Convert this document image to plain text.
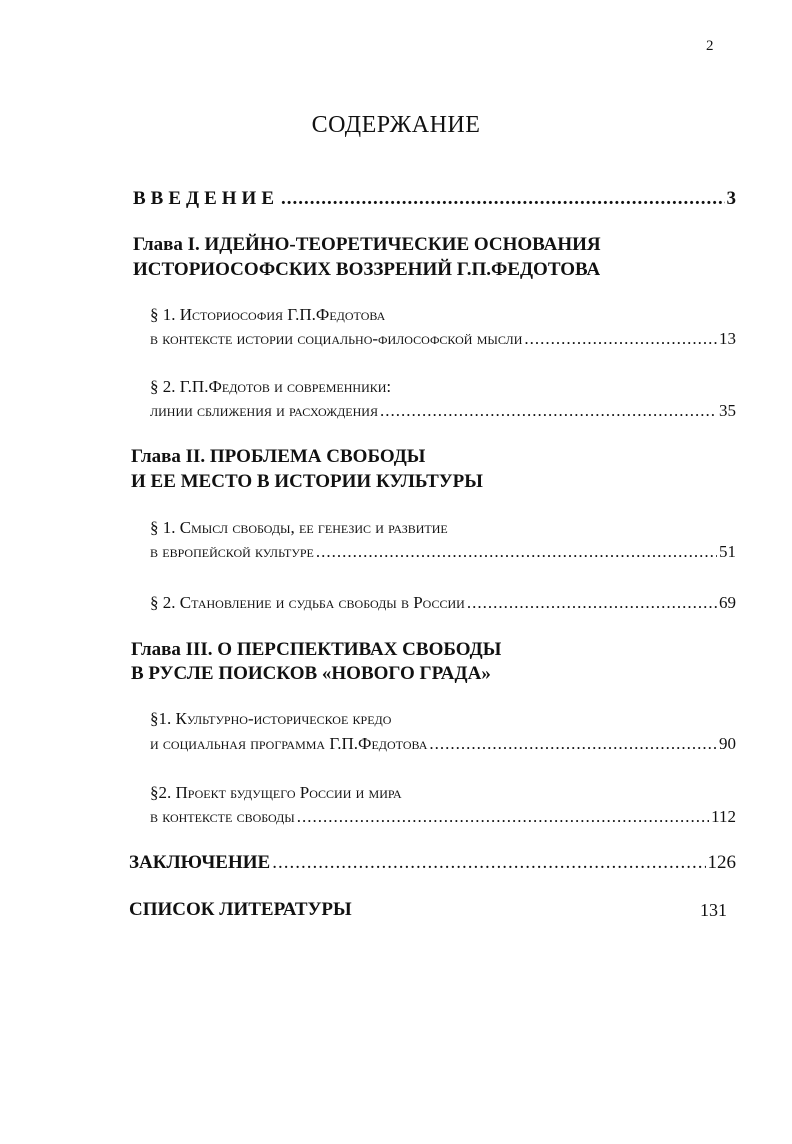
2
СОДЕРЖАНИЕ
ВВЕДЕНИЕ .....	3
Глава I. ИДЕЙНО-ТЕОРЕТИЧЕСКИЕ ОСНОВАНИЯ
ИСТОРИОСОФСКИХ ВОЗЗРЕНИЙ Г.П.ФЕДОТОВА
§ 1. Историософия Г.П.Федотова
в контексте истории социально-философской мысли .....	13
§ 2. Г.П.Федотов и современники:
линии сближения и расхождения .....	35
Глава II. ПРОБЛЕМА СВОБОДЫ
И ЕЕ МЕСТО В ИСТОРИИ КУЛЬТУРЫ
§ 1. Смысл свободы, ее генезис и развитие
в европейской культуре .....	51
§ 2. Становление и судьба свободы в России .....	69
Глава III. О ПЕРСПЕКТИВАХ СВОБОДЫ
В РУСЛЕ ПОИСКОВ «НОВОГО ГРАДА»
§1. Культурно-историческое кредо
и социальная программа Г.П.Федотова .....	90
§2. Проект будущего России и мира
в контексте свободы .....	112
ЗАКЛЮЧЕНИЕ .....	126
СПИСОК ЛИТЕРАТУРЫ	131
